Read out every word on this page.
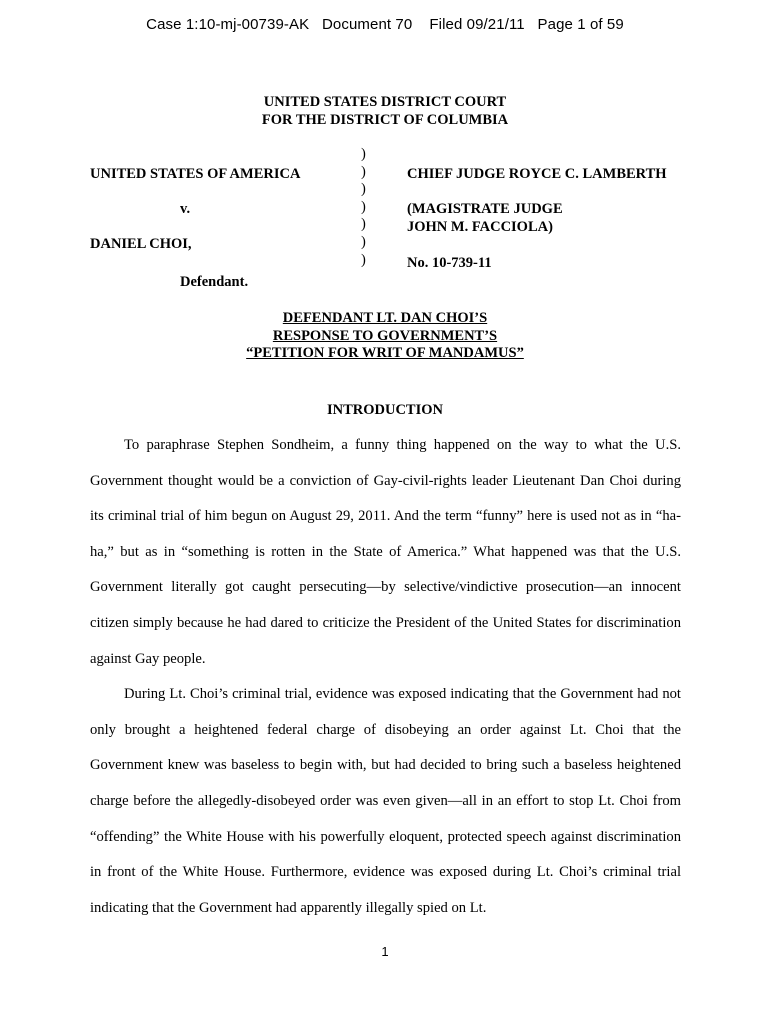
Case 1:10-mj-00739-AK   Document 70    Filed 09/21/11   Page 1 of 59
UNITED STATES DISTRICT COURT
FOR THE DISTRICT OF COLUMBIA
UNITED STATES OF AMERICA
v.
DANIEL CHOI,
Defendant.
)
)
)
)
)
)
)
CHIEF JUDGE ROYCE C. LAMBERTH
(MAGISTRATE JUDGE
JOHN M. FACCIOLA)
No. 10-739-11
DEFENDANT LT. DAN CHOI’S
RESPONSE TO GOVERNMENT’S
“PETITION FOR WRIT OF MANDAMUS”
INTRODUCTION

To paraphrase Stephen Sondheim, a funny thing happened on the way to what the U.S. Government thought would be a conviction of Gay-civil-rights leader Lieutenant Dan Choi during its criminal trial of him begun on August 29, 2011. And the term “funny” here is used not as in “ha-ha,” but as in “something is rotten in the State of America.” What happened was that the U.S. Government literally got caught persecuting—by selective/vindictive prosecution—an innocent citizen simply because he had dared to criticize the President of the United States for discrimination against Gay people.

During Lt. Choi’s criminal trial, evidence was exposed indicating that the Government had not only brought a heightened federal charge of disobeying an order against Lt. Choi that the Government knew was baseless to begin with, but had decided to bring such a baseless heightened charge before the allegedly-disobeyed order was even given—all in an effort to stop Lt. Choi from “offending” the White House with his powerfully eloquent, protected speech against discrimination in front of the White House. Furthermore, evidence was exposed during Lt. Choi’s criminal trial indicating that the Government had apparently illegally spied on Lt.

1
